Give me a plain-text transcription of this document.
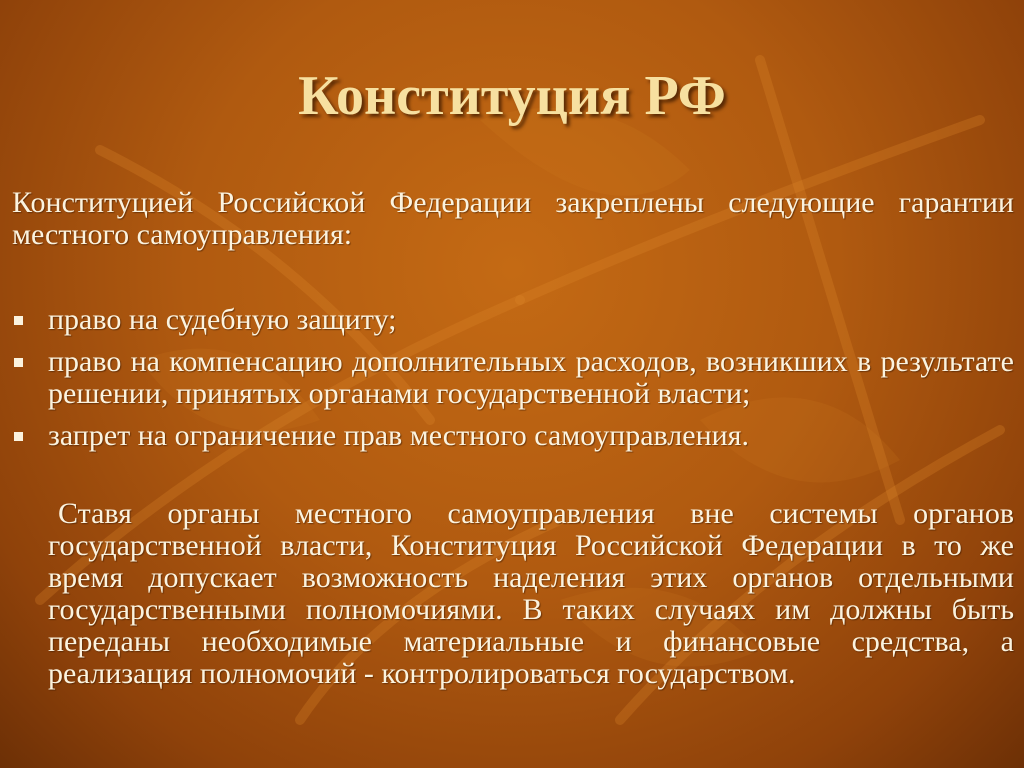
Конституция РФ
Конституцией Российской Федерации закреплены следующие гарантии местного самоуправления:
право на судебную защиту;
право на компенсацию дополнительных расходов, возникших в результате решении, принятых органами государственной власти;
запрет на ограничение прав местного самоуправления.
Ставя органы местного самоуправления вне системы органов государственной власти, Конституция Российской Федерации в то же время допускает возможность наделения этих органов отдельными государственными полномочиями. В таких случаях им должны быть переданы необходимые материальные и финансовые средства, а реализация полномочий - контролироваться государством.
